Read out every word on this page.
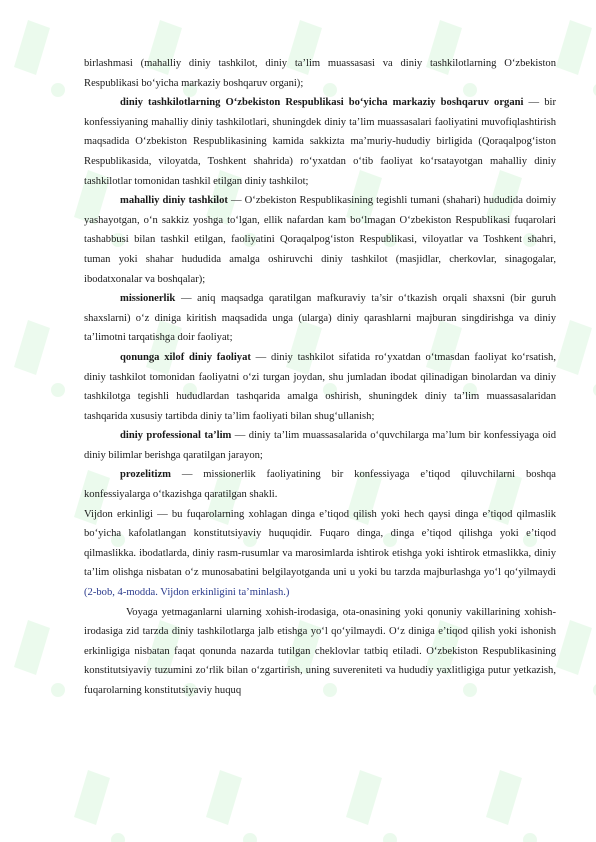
birlashmasi (mahalliy diniy tashkilot, diniy ta’lim muassasasi va diniy tashkilotlarning O‘zbekiston Respublikasi bo‘yicha markaziy boshqaruv organi);

diniy tashkilotlarning O‘zbekiston Respublikasi bo‘yicha markaziy boshqaruv organi — bir konfessiyaning mahalliy diniy tashkilotlari, shuningdek diniy ta’lim muassasalari faoliyatini muvofiqlashtirish maqsadida O‘zbekiston Respublikasining kamida sakkizta ma’muriy-hududiy birligida (Qoraqalpog‘iston Respublikasida, viloyatda, Toshkent shahrida) ro‘yxatdan o‘tib faoliyat ko‘rsatayotgan mahalliy diniy tashkilotlar tomonidan tashkil etilgan diniy tashkilot;

mahalliy diniy tashkilot — O‘zbekiston Respublikasining tegishli tumani (shahari) hududida doimiy yashayotgan, o‘n sakkiz yoshga to‘lgan, ellik nafardan kam bo‘lmagan O‘zbekiston Respublikasi fuqarolari tashabbusi bilan tashkil etilgan, faoliyatini Qoraqalpog‘iston Respublikasi, viloyatlar va Toshkent shahri, tuman yoki shahar hududida amalga oshiruvchi diniy tashkilot (masjidlar, cherkovlar, sinagogalar, ibodatxonalar va boshqalar);

missionerlik — aniq maqsadga qaratilgan mafkuraviy ta’sir o‘tkazish orqali shaxsni (bir guruh shaxslarni) o‘z diniga kiritish maqsadida unga (ularga) diniy qarashlarni majburan singdirishga va diniy ta’limotni tarqatishga doir faoliyat;

qonunga xilof diniy faoliyat — diniy tashkilot sifatida ro‘yxatdan o‘tmasdan faoliyat ko‘rsatish, diniy tashkilot tomonidan faoliyatni o‘zi turgan joydan, shu jumladan ibodat qilinadigan binolardan va diniy tashkilotga tegishli hududlardan tashqarida amalga oshirish, shuningdek diniy ta’lim muassasalaridan tashqarida xususiy tartibda diniy ta’lim faoliyati bilan shug‘ullanish;

diniy professional ta’lim — diniy ta’lim muassasalarida o‘quvchilarga ma’lum bir konfessiyaga oid diniy bilimlar berishga qaratilgan jarayon;

prozelitizm — missionerlik faoliyatining bir konfessiyaga e’tiqod qiluvchilarni boshqa konfessiyalarga o‘tkazishga qaratilgan shakli.

Vijdon erkinligi — bu fuqarolarning xohlagan dinga e’tiqod qilish yoki hech qaysi dinga e’tiqod qilmaslik bo‘yicha kafolatlangan konstitutsiyaviy huquqidir. Fuqaro dinga, dinga e’tiqod qilishga yoki e’tiqod qilmaslikka. ibodatlarda, diniy rasm-rusumlar va marosimlarda ishtirok etishga yoki ishtirok etmaslikka, diniy ta’lim olishga nisbatan o‘z munosabatini belgilayotganda uni u yoki bu tarzda majburlashga yo‘l qo‘yilmaydi (2-bob, 4-modda. Vijdon erkinligini ta’minlash.)

Voyaga yetmaganlarni ularning xohish-irodasiga, ota-onasining yoki qonuniy vakillarining xohish-irodasiga zid tarzda diniy tashkilotlarga jalb etishga yo‘l qo‘yilmaydi. O‘z diniga e’tiqod qilish yoki ishonish erkinligiga nisbatan faqat qonunda nazarda tutilgan cheklovlar tatbiq etiladi. O‘zbekiston Respublikasining konstitutsiyaviy tuzumini zo‘rlik bilan o‘zgartirish, uning suvereniteti va hududiy yaxlitligiga putur yetkazish, fuqarolarning konstitutsiyaviy huquq
